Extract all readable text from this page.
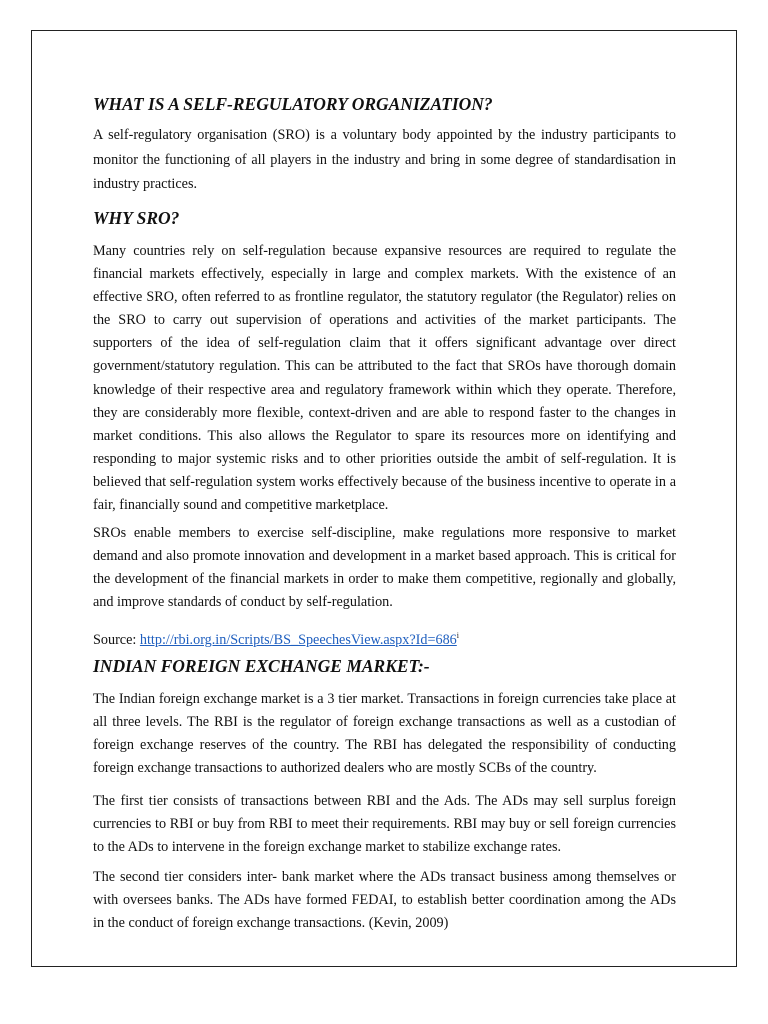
WHAT IS A SELF-REGULATORY ORGANIZATION?
A self-regulatory organisation (SRO) is a voluntary body appointed by the industry participants to
monitor the functioning of all players in the industry and bring in some degree of standardisation in
industry practices.
WHY SRO?
Many countries rely on self-regulation because expansive resources are required to regulate the
financial markets effectively, especially in large and complex markets. With the existence of an
effective SRO, often referred to as frontline regulator, the statutory regulator (the Regulator) relies on
the SRO to carry out supervision of operations and activities of the market participants. The
supporters of the idea of self-regulation claim that it offers significant advantage over direct
government/statutory regulation. This can be attributed to the fact that SROs have thorough domain
knowledge of their respective area and regulatory framework within which they operate. Therefore,
they are considerably more flexible, context-driven and are able to respond faster to the changes in
market conditions. This also allows the Regulator to spare its resources more on identifying and
responding to major systemic risks and to other priorities outside the ambit of self-regulation. It is
believed that self-regulation system works effectively because of the business incentive to operate in a
fair, financially sound and competitive marketplace.
SROs enable members to exercise self-discipline, make regulations more responsive to market
demand and also promote innovation and development in a market based approach. This is critical for
the development of the financial markets in order to make them competitive, regionally and globally,
and improve standards of conduct by self-regulation.
Source: $http://rbi.org.in/Scripts/BS\_SpeechesView.aspx?Id=686^i$
INDIAN FOREIGN EXCHANGE MARKET:-
The Indian foreign exchange market is a 3 tier market. Transactions in foreign currencies take place at
all three levels. The RBI is the regulator of foreign exchange transactions as well as a custodian of
foreign exchange reserves of the country. The RBI has delegated the responsibility of conducting
foreign exchange transactions to authorized dealers who are mostly SCBs of the country.
The first tier consists of transactions between RBI and the Ads. The ADs may sell surplus foreign
currencies to RBI or buy from RBI to meet their requirements. RBI may buy or sell foreign currencies
to the ADs to intervene in the foreign exchange market to stabilize exchange rates.
The second tier considers inter- bank market where the ADs transact business among themselves or
with oversees banks. The ADs have formed FEDAI, to establish better coordination among the ADs
in the conduct of foreign exchange transactions. (Kevin, 2009)
